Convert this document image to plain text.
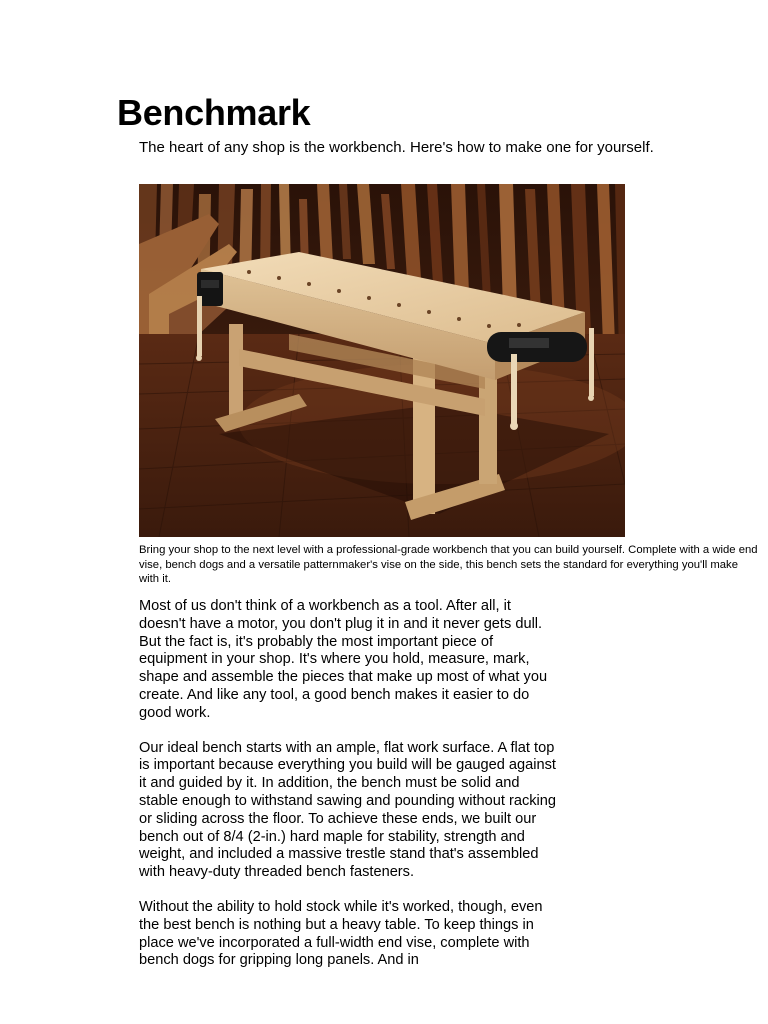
Benchmark

The heart of any shop is the workbench. Here's how to make one for yourself.

Bring your shop to the next level with a professional-grade workbench that you can build yourself. Complete with a wide end vise, bench dogs and a versatile patternmaker's vise on the side, this bench sets the standard for everything you'll make with it.

Most of us don't think of a workbench as a tool. After all, it doesn't have a motor, you don't plug it in and it never gets dull. But the fact is, it's probably the most important piece of equipment in your shop. It's where you hold, measure, mark, shape and assemble the pieces that make up most of what you create. And like any tool, a good bench makes it easier to do good work.

Our ideal bench starts with an ample, flat work surface. A flat top is important because everything you build will be gauged against it and guided by it. In addition, the bench must be solid and stable enough to withstand sawing and pounding without racking or sliding across the floor. To achieve these ends, we built our bench out of 8/4 (2-in.) hard maple for stability, strength and weight, and included a massive trestle stand that's assembled with heavy-duty threaded bench fasteners.

Without the ability to hold stock while it's worked, though, even the best bench is nothing but a heavy table. To keep things in place we've incorporated a full-width end vise, complete with bench dogs for gripping long panels. And in
